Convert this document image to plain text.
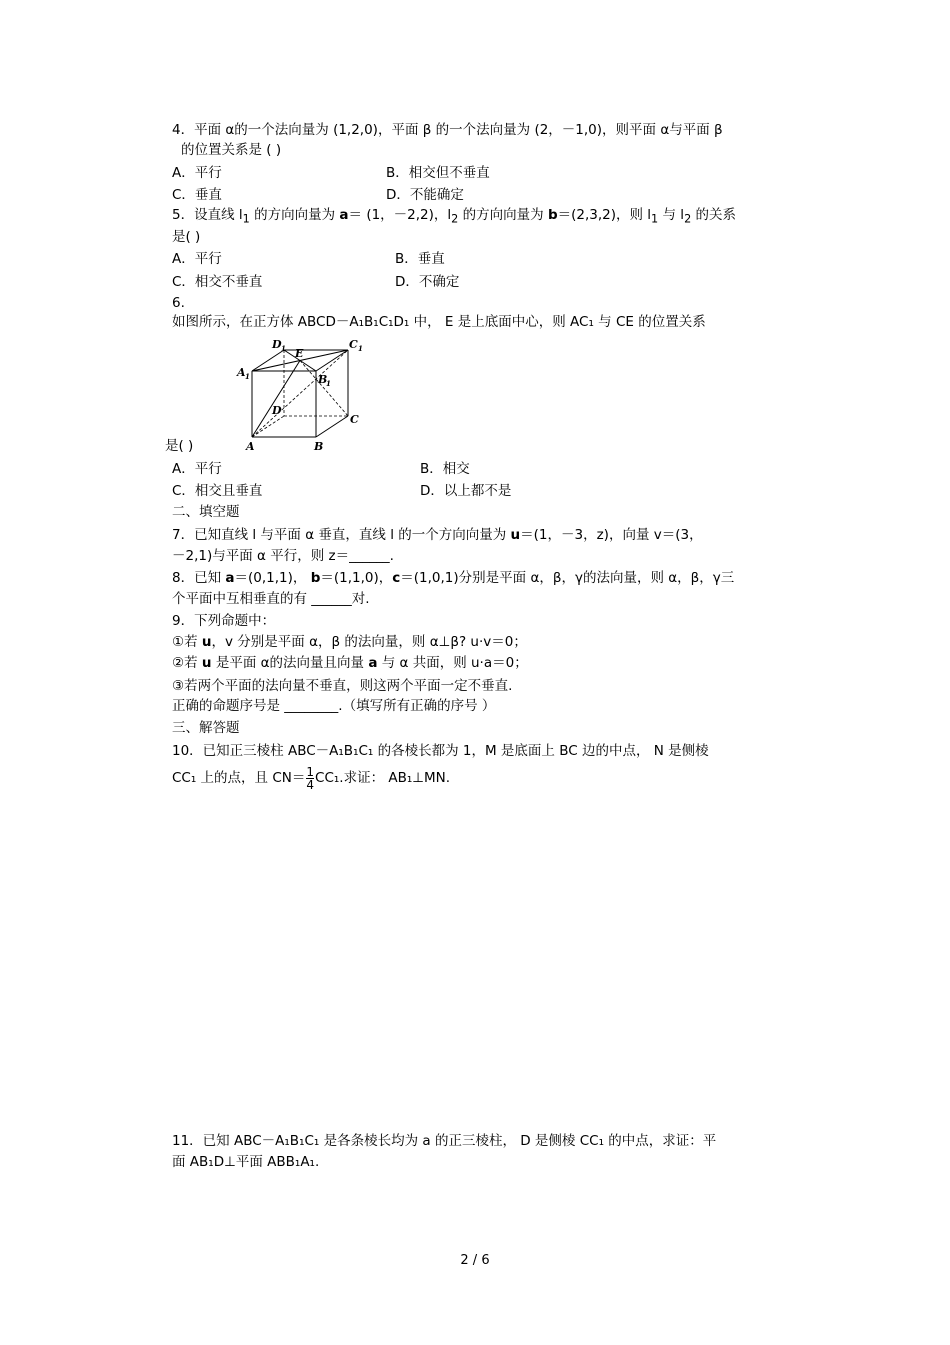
4．平面 α的一个法向量为 (1,2,0)，平面 β 的一个法向量为 (2，－1,0)，则平面 α与平面 β
的位置关系是 ( )
A．平行	B．相交但不垂直
C．垂直	D．不能确定
5．设直线 $l_1$ 的方向向量为 a＝ (1，－2,2)，$l_2$ 的方向向量为 b＝(2,3,2)，则 $l_1$ 与 $l_2$ 的关系
是( )
A．平行	B．垂直
C．相交不垂直	D．不确定
6.
如图所示，在正方体 ABCD－A₁B₁C₁D₁ 中， E 是上底面中心，则 AC₁ 与 CE 的位置关系
D 1 E
C 1
A 1	B
1
D
C
A	B
是( )
A．平行	B．相交
C．相交且垂直	D．以上都不是
二、填空题
7．已知直线 l 与平面 α 垂直，直线 l 的一个方向向量为 u＝(1，－3，z)，向量 v＝(3，
－2,1)与平面 α 平行，则 z＝______.
8．已知 a＝(0,1,1)， b＝(1,1,0)，c＝(1,0,1)分别是平面 α，β，γ的法向量，则 α，β，γ三
个平面中互相垂直的有 ______对.
9．下列命题中：
①若 u，v 分别是平面 α，β 的法向量，则 α⊥β? u·v＝0；
②若 u 是平面 α的法向量且向量 a 与 α 共面，则 u·a＝0；
③若两个平面的法向量不垂直，则这两个平面一定不垂直.
正确的命题序号是 ________.（填写所有正确的序号 ）
三、解答题
10．已知正三棱柱 ABC－A₁B₁C₁ 的各棱长都为 1，M 是底面上 BC 边的中点， N 是侧棱
CC₁ 上的点，且 $CN= \frac{1}{4} CC_1$.求证： AB₁⊥MN.
11．已知 ABC－A₁B₁C₁ 是各条棱长均为 a 的正三棱柱， D 是侧棱 CC₁ 的中点，求证：平
面 AB₁D⊥平面 ABB₁A₁.
2 / 6
